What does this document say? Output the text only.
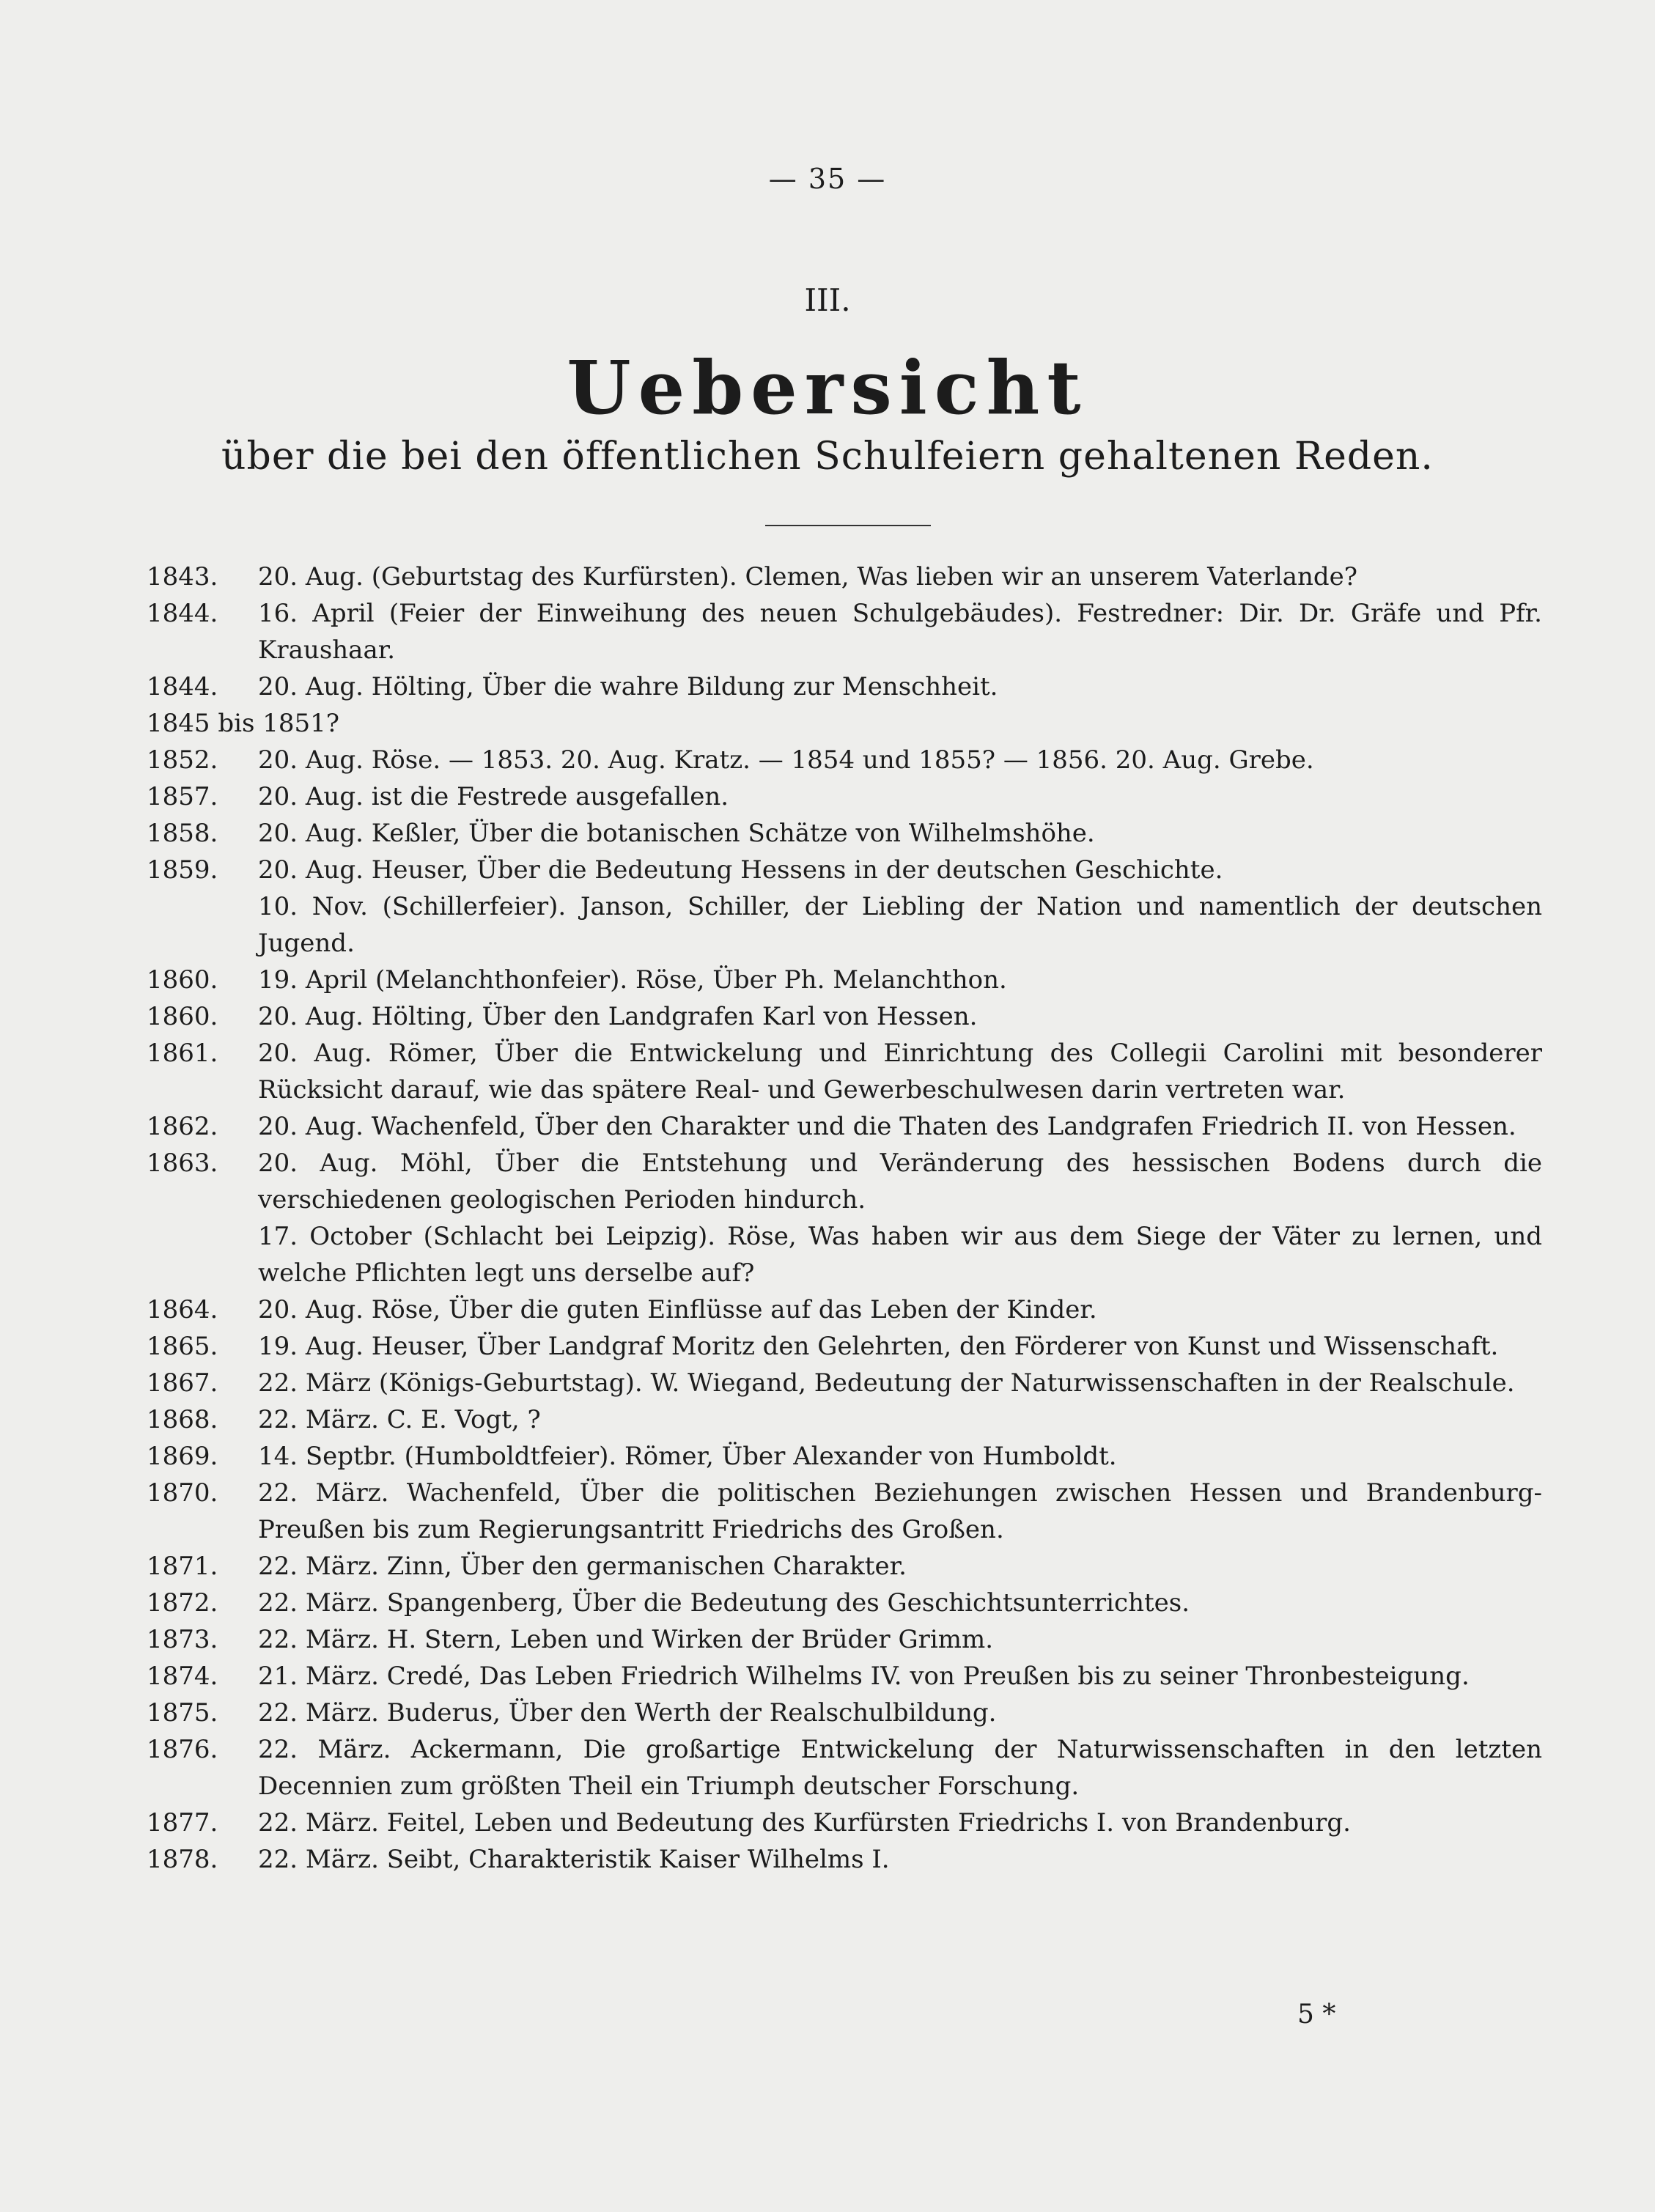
— 35 —
III.
Uebersicht
über die bei den öffentlichen Schulfeiern gehaltenen Reden.
1843.	20. Aug. (Geburtstag des Kurfürsten). Clemen, Was lieben wir an unserem Vaterlande?
1844.	16. April (Feier der Einweihung des neuen Schulgebäudes). Festredner: Dir. Dr. Gräfe und Pfr. Kraushaar.
1844.	20. Aug. Hölting, Über die wahre Bildung zur Menschheit.
1845 bis 1851?
1852.	20. Aug. Röse. — 1853. 20. Aug. Kratz. — 1854 und 1855? — 1856. 20. Aug. Grebe.
1857.	20. Aug. ist die Festrede ausgefallen.
1858.	20. Aug. Keßler, Über die botanischen Schätze von Wilhelmshöhe.
1859.	20. Aug. Heuser, Über die Bedeutung Hessens in der deutschen Geschichte.
10. Nov. (Schillerfeier). Janson, Schiller, der Liebling der Nation und namentlich der deutschen Jugend.
1860.	19. April (Melanchthonfeier). Röse, Über Ph. Melanchthon.
1860.	20. Aug. Hölting, Über den Landgrafen Karl von Hessen.
1861.	20. Aug. Römer, Über die Entwickelung und Einrichtung des Collegii Carolini mit besonderer Rücksicht darauf, wie das spätere Real- und Gewerbeschulwesen darin vertreten war.
1862.	20. Aug. Wachenfeld, Über den Charakter und die Thaten des Landgrafen Friedrich II. von Hessen.
1863.	20. Aug. Möhl, Über die Entstehung und Veränderung des hessischen Bodens durch die verschiedenen geologischen Perioden hindurch.
17. October (Schlacht bei Leipzig). Röse, Was haben wir aus dem Siege der Väter zu lernen, und welche Pflichten legt uns derselbe auf?
1864.	20. Aug. Röse, Über die guten Einflüsse auf das Leben der Kinder.
1865.	19. Aug. Heuser, Über Landgraf Moritz den Gelehrten, den Förderer von Kunst und Wissenschaft.
1867.	22. März (Königs-Geburtstag). W. Wiegand, Bedeutung der Naturwissenschaften in der Realschule.
1868.	22. März. C. E. Vogt, ?
1869.	14. Septbr. (Humboldtfeier). Römer, Über Alexander von Humboldt.
1870.	22. März. Wachenfeld, Über die politischen Beziehungen zwischen Hessen und Brandenburg-Preußen bis zum Regierungsantritt Friedrichs des Großen.
1871.	22. März. Zinn, Über den germanischen Charakter.
1872.	22. März. Spangenberg, Über die Bedeutung des Geschichtsunterrichtes.
1873.	22. März. H. Stern, Leben und Wirken der Brüder Grimm.
1874.	21. März. Credé, Das Leben Friedrich Wilhelms IV. von Preußen bis zu seiner Thronbesteigung.
1875.	22. März. Buderus, Über den Werth der Realschulbildung.
1876.	22. März. Ackermann, Die großartige Entwickelung der Naturwissenschaften in den letzten Decennien zum größten Theil ein Triumph deutscher Forschung.
1877.	22. März. Feitel, Leben und Bedeutung des Kurfürsten Friedrichs I. von Brandenburg.
1878.	22. März. Seibt, Charakteristik Kaiser Wilhelms I.
5 *
